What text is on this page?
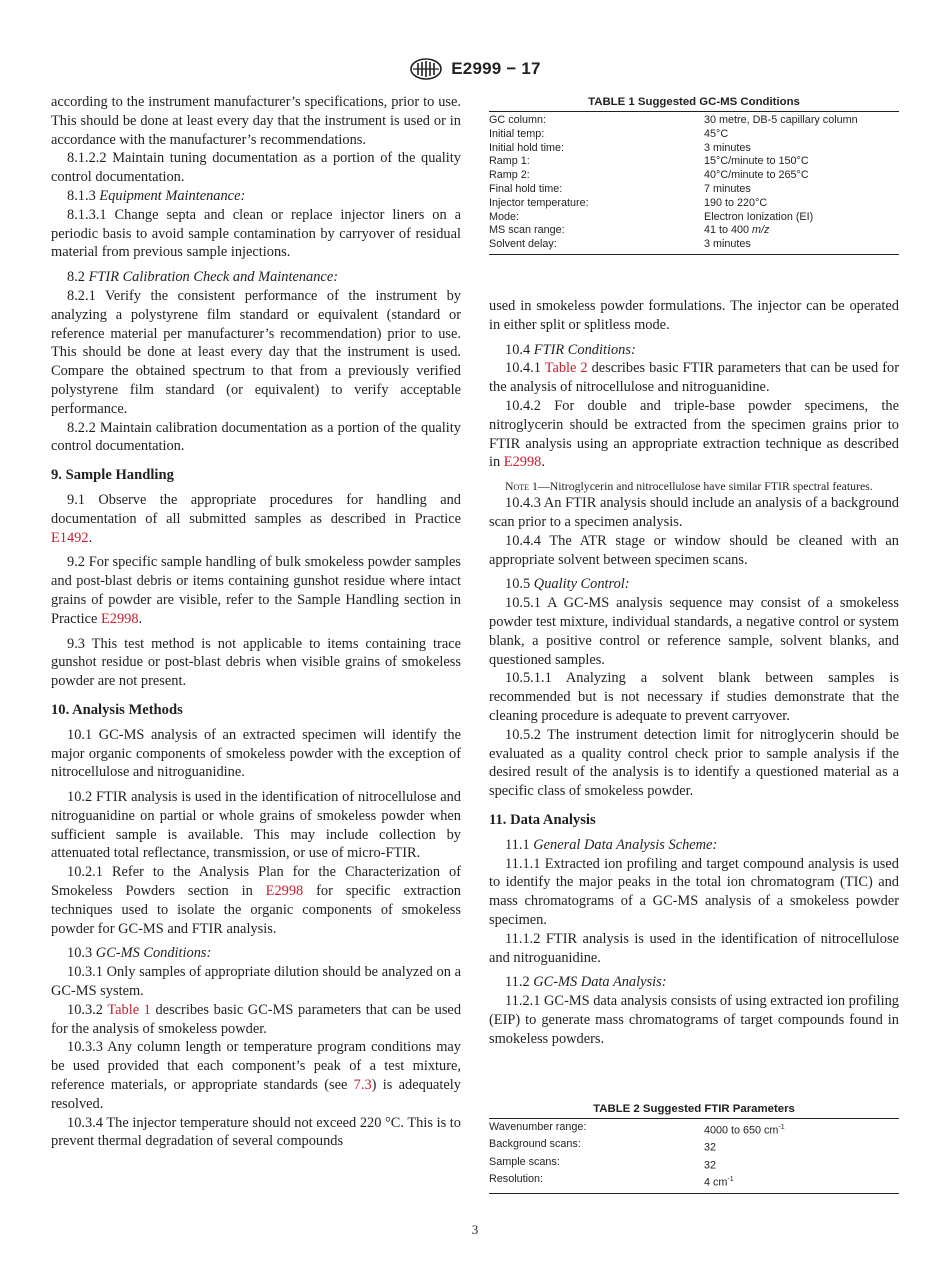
E2999 − 17

according to the instrument manufacturer’s specifications, prior to use. This should be done at least every day that the instrument is used or in accordance with the manufacturer’s recommendations.

8.1.2.2 Maintain tuning documentation as a portion of the quality control documentation.

8.1.3 Equipment Maintenance:

8.1.3.1 Change septa and clean or replace injector liners on a periodic basis to avoid sample contamination by carryover of residual material from previous sample injections.

8.2 FTIR Calibration Check and Maintenance:

8.2.1 Verify the consistent performance of the instrument by analyzing a polystyrene film standard or equivalent (standard or reference material per manufacturer’s recommendation) prior to use. This should be done at least every day that the instrument is used. Compare the obtained spectrum to that from a previously verified polystyrene film standard (or equivalent) to verify acceptable performance.

8.2.2 Maintain calibration documentation as a portion of the quality control documentation.

9. Sample Handling

9.1 Observe the appropriate procedures for handling and documentation of all submitted samples as described in Practice E1492.

9.2 For specific sample handling of bulk smokeless powder samples and post-blast debris or items containing gunshot residue where intact grains of powder are visible, refer to the Sample Handling section in Practice E2998.

9.3 This test method is not applicable to items containing trace gunshot residue or post-blast debris when visible grains of smokeless powder are not present.

10. Analysis Methods

10.1 GC-MS analysis of an extracted specimen will identify the major organic components of smokeless powder with the exception of nitrocellulose and nitroguanidine.

10.2 FTIR analysis is used in the identification of nitrocellulose and nitroguanidine on partial or whole grains of smokeless powder when sufficient sample is available. This may include collection by attenuated total reflectance, transmission, or use of micro-FTIR.

10.2.1 Refer to the Analysis Plan for the Characterization of Smokeless Powders section in E2998 for specific extraction techniques used to isolate the organic components of smokeless powder for GC-MS and FTIR analysis.

10.3 GC-MS Conditions:

10.3.1 Only samples of appropriate dilution should be analyzed on a GC-MS system.

10.3.2 Table 1 describes basic GC-MS parameters that can be used for the analysis of smokeless powder.

10.3.3 Any column length or temperature program conditions may be used provided that each component’s peak of a test mixture, reference materials, or appropriate standards (see 7.3) is adequately resolved.

10.3.4 The injector temperature should not exceed 220 °C. This is to prevent thermal degradation of several compounds

TABLE 1 Suggested GC-MS Conditions
GC column:	30 metre, DB-5 capillary column
Initial temp:	45°C
Initial hold time:	3 minutes
Ramp 1:	15°C/minute to 150°C
Ramp 2:	40°C/minute to 265°C
Final hold time:	7 minutes
Injector temperature:	190 to 220°C
Mode:	Electron Ionization (EI)
MS scan range:	41 to 400 m/z
Solvent delay:	3 minutes

used in smokeless powder formulations. The injector can be operated in either split or splitless mode.

10.4 FTIR Conditions:

10.4.1 Table 2 describes basic FTIR parameters that can be used for the analysis of nitrocellulose and nitroguanidine.

10.4.2 For double and triple-base powder specimens, the nitroglycerin should be extracted from the specimen grains prior to FTIR analysis using an appropriate extraction technique as described in E2998.

Note 1—Nitroglycerin and nitrocellulose have similar FTIR spectral features.

10.4.3 An FTIR analysis should include an analysis of a background scan prior to a specimen analysis.

10.4.4 The ATR stage or window should be cleaned with an appropriate solvent between specimen scans.

10.5 Quality Control:

10.5.1 A GC-MS analysis sequence may consist of a smokeless powder test mixture, individual standards, a negative control or system blank, a positive control or reference sample, solvent blanks, and questioned samples.

10.5.1.1 Analyzing a solvent blank between samples is recommended but is not necessary if studies demonstrate that the cleaning procedure is adequate to prevent carryover.

10.5.2 The instrument detection limit for nitroglycerin should be evaluated as a quality control check prior to sample analysis if the desired result of the analysis is to identify a questioned material as a specific class of smokeless powder.

11. Data Analysis

11.1 General Data Analysis Scheme:

11.1.1 Extracted ion profiling and target compound analysis is used to identify the major peaks in the total ion chromatogram (TIC) and mass chromatograms of a GC-MS analysis of a smokeless powder specimen.

11.1.2 FTIR analysis is used in the identification of nitrocellulose and nitroguanidine.

11.2 GC-MS Data Analysis:

11.2.1 GC-MS data analysis consists of using extracted ion profiling (EIP) to generate mass chromatograms of target compounds found in smokeless powders.

TABLE 2 Suggested FTIR Parameters
Wavenumber range:	4000 to 650 $cm^{-1}$
Background scans:	32
Sample scans:	32
Resolution:	4 $cm^{-1}$
3
